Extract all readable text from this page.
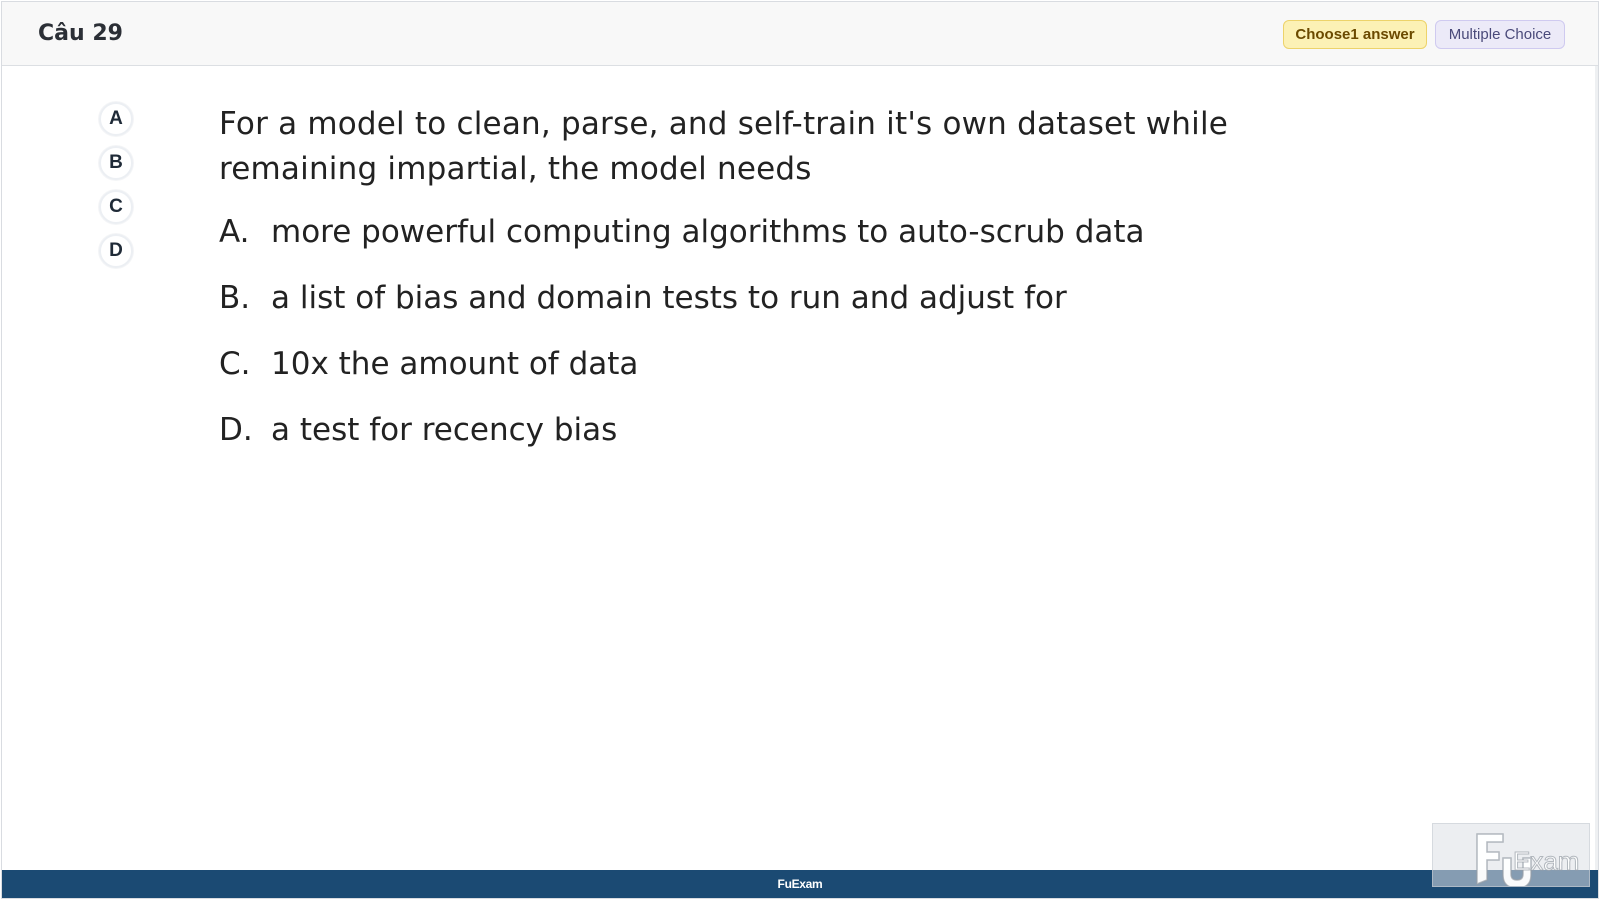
Câu 29	Choose1 answer	Multiple Choice
A
B
C
D
For a model to clean, parse, and self-train it's own dataset while remaining impartial, the model needs
A. more powerful computing algorithms to auto-scrub data
B. a list of bias and domain tests to run and adjust for
C. 10x the amount of data
D. a test for recency bias
FuExam
Exam
